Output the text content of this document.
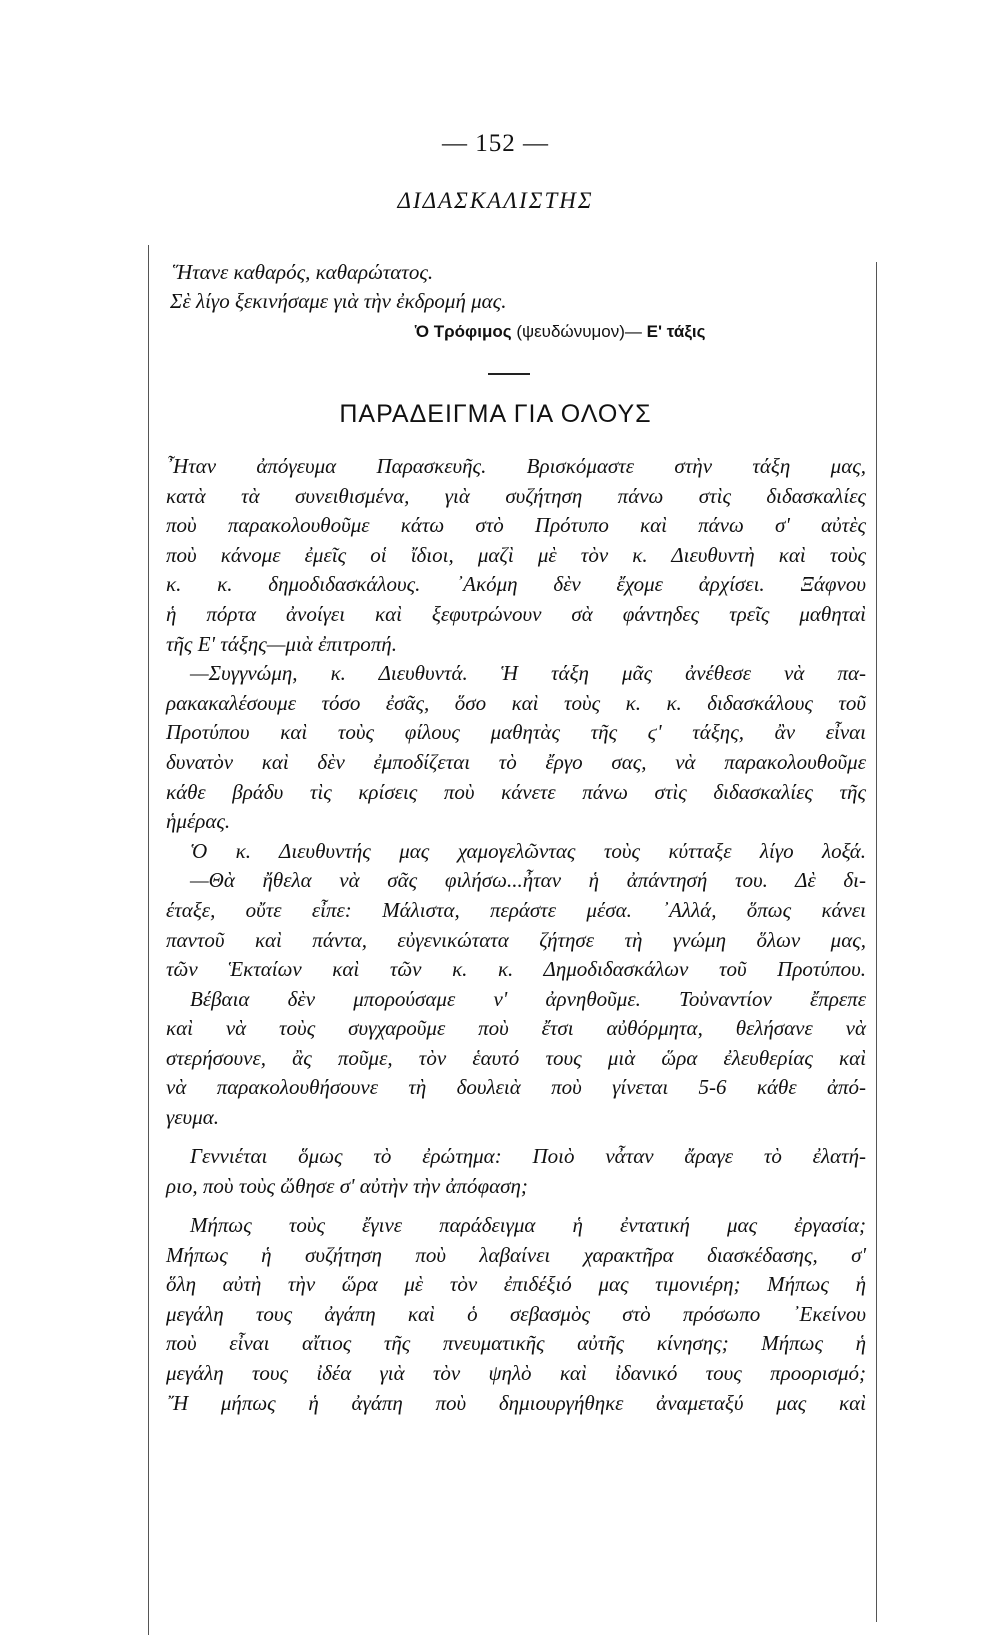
— 152 —
ΔΙΔΑΣΚΑΛΙΣΤΗΣ
῞Ητανε καθαρός, καθαρώτατος.
Σὲ λίγο ξεκινήσαμε γιὰ τὴν ἐκδρομή μας.
Ὁ Τρόφιμος (ψευδώνυμον)— Ε' τάξις
ΠΑΡΑΔΕΙΓΜΑ ΓΙΑ ΟΛΟΥΣ
῏Ηταν ἀπόγευμα Παρασκευῆς. Βρισκόμαστε στὴν τάξη μας,
κατὰ τὰ συνειθισμένα, γιὰ συζήτηση πάνω στὶς διδασκαλίες
ποὺ παρακολουθοῦμε κάτω στὸ Πρότυπο καὶ πάνω σ' αὐτὲς
ποὺ κάνομε ἐμεῖς οἱ ἴδιοι, μαζὶ μὲ τὸν κ. Διευθυντὴ καὶ τοὺς
κ. κ. δημοδιδασκάλους. ᾿Ακόμη δὲν ἔχομε ἀρχίσει. Ξάφνου
ἡ πόρτα ἀνοίγει καὶ ξεφυτρώνουν σὰ φάντηδες τρεῖς μαθηταὶ
τῆς Ε' τάξης—μιὰ ἐπιτροπή.
—Συγγνώμη, κ. Διευθυντά. Ἡ τάξη μᾶς ἀνέθεσε νὰ πα-
ρακακαλέσουμε τόσο ἐσᾶς, ὅσο καὶ τοὺς κ. κ. διδασκάλους τοῦ
Προτύπου καὶ τοὺς φίλους μαθητὰς τῆς ϛ' τάξης, ἂν εἶναι
δυνατὸν καὶ δὲν ἐμποδίζεται τὸ ἔργο σας, νὰ παρακολουθοῦμε
κάθε βράδυ τὶς κρίσεις ποὺ κάνετε πάνω στὶς διδασκαλίες τῆς
ἡμέρας.
Ὁ κ. Διευθυντής μας χαμογελῶντας τοὺς κύτταξε λίγο λοξά.
—Θὰ ἤθελα νὰ σᾶς φιλήσω...ἦταν ἡ ἀπάντησή του. Δὲ δι-
έταξε, οὔτε εἶπε: Μάλιστα, περάστε μέσα. ᾿Αλλά, ὅπως κάνει
παντοῦ καὶ πάντα, εὐγενικώτατα ζήτησε τὴ γνώμη ὅλων μας,
τῶν Ἑκταίων καὶ τῶν κ. κ. Δημοδιδασκάλων τοῦ Προτύπου.
Βέβαια δὲν μπορούσαμε ν' ἀρνηθοῦμε. Τοὐναντίον ἔπρεπε
καὶ νὰ τοὺς συγχαροῦμε ποὺ ἔτσι αὐθόρμητα, θελήσανε νὰ
στερήσουνε, ἂς ποῦμε, τὸν ἑαυτό τους μιὰ ὥρα ἐλευθερίας καὶ
νὰ παρακολουθήσουνε τὴ δουλειὰ ποὺ γίνεται 5-6 κάθε ἀπό-
γευμα.
Γεννιέται ὅμως τὸ ἐρώτημα: Ποιὸ νἆταν ἄραγε τὸ ἐλατή-
ριο, ποὺ τοὺς ὤθησε σ' αὐτὴν τὴν ἀπόφαση;
Μήπως τοὺς ἔγινε παράδειγμα ἡ ἐντατική μας ἐργασία;
Μήπως ἡ συζήτηση ποὺ λαβαίνει χαρακτῆρα διασκέδασης, σ'
ὅλη αὐτὴ τὴν ὥρα μὲ τὸν ἐπιδέξιό μας τιμονιέρη; Μήπως ἡ
μεγάλη τους ἀγάπη καὶ ὁ σεβασμὸς στὸ πρόσωπο ᾿Εκείνου
ποὺ εἶναι αἴτιος τῆς πνευματικῆς αὐτῆς κίνησης; Μήπως ἡ
μεγάλη τους ἰδέα γιὰ τὸν ψηλὸ καὶ ἰδανικό τους προορισμό;
῎Η μήπως ἡ ἀγάπη ποὺ δημιουργήθηκε ἀναμεταξύ μας καὶ
